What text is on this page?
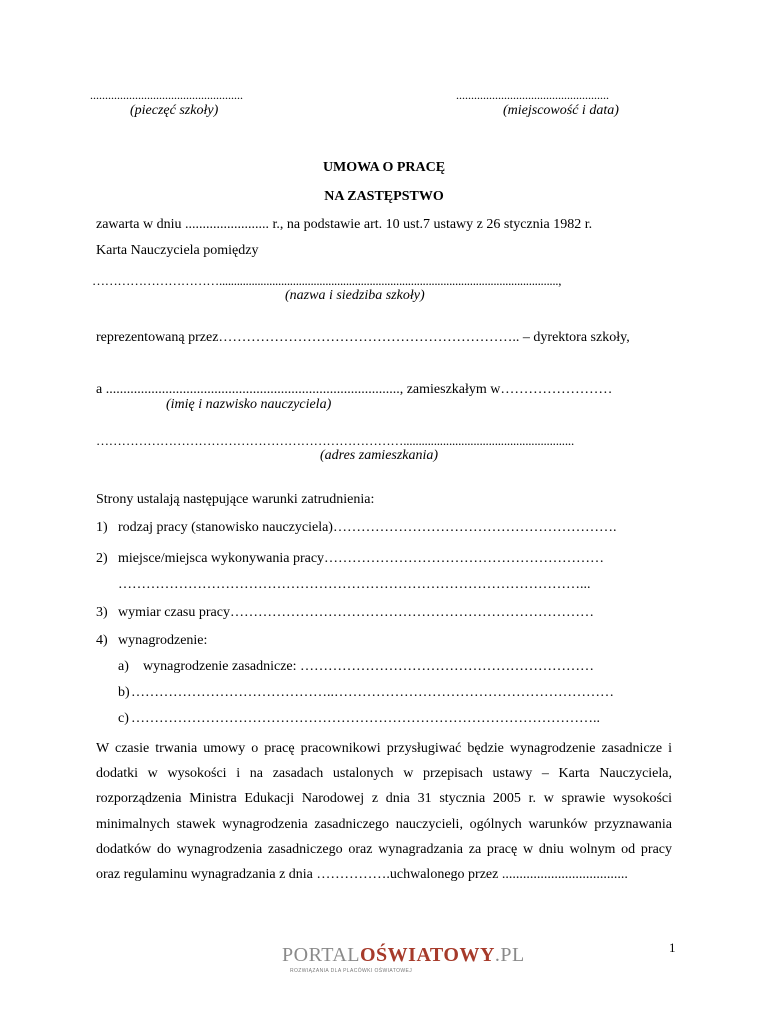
...................................................
(pieczęć szkoły)
...................................................
(miejscowość i data)
UMOWA O PRACĘ
NA ZASTĘPSTWO
zawarta w dniu ........................ r., na podstawie art. 10 ust.7 ustawy z 26 stycznia 1982 r.
Karta Nauczyciela pomiędzy
…………………………...................................................................................................................,
(nazwa i siedziba szkoły)
reprezentowaną przez……………………………………………………….. – dyrektora szkoły,
a ...................................................................................., zamieszkałym w……………………
(imię i nazwisko nauczyciela)
………………………………………………………………........................................................
(adres zamieszkania)
Strony ustalają następujące warunki zatrudnienia:
1) rodzaj pracy (stanowisko nauczyciela)…………………………………………………….
2) miejsce/miejsca wykonywania pracy……………………………………………………
………………………………………………………………………………………...
3) wymiar czasu pracy……………………………………………………………………
4) wynagrodzenie:
a) wynagrodzenie zasadnicze: ………………………………………………………
b) ……………………………………..……………………………………………………
c) ………………………………………………………………………………………..
W czasie trwania umowy o pracę pracownikowi przysługiwać będzie wynagrodzenie zasadnicze i dodatki w wysokości i na zasadach ustalonych w przepisach ustawy – Karta Nauczyciela, rozporządzenia Ministra Edukacji Narodowej z dnia 31 stycznia 2005 r. w sprawie wysokości minimalnych stawek wynagrodzenia zasadniczego nauczycieli, ogólnych warunków przyznawania dodatków do wynagrodzenia zasadniczego oraz wynagradzania za pracę w dniu wolnym od pracy oraz regulaminu wynagradzania z dnia …………….uchwalonego przez ....................................
1
PORTALOŚWIATOWY.PL
ROZWIĄZANIA DLA PLACÓWKI OŚWIATOWEJ
